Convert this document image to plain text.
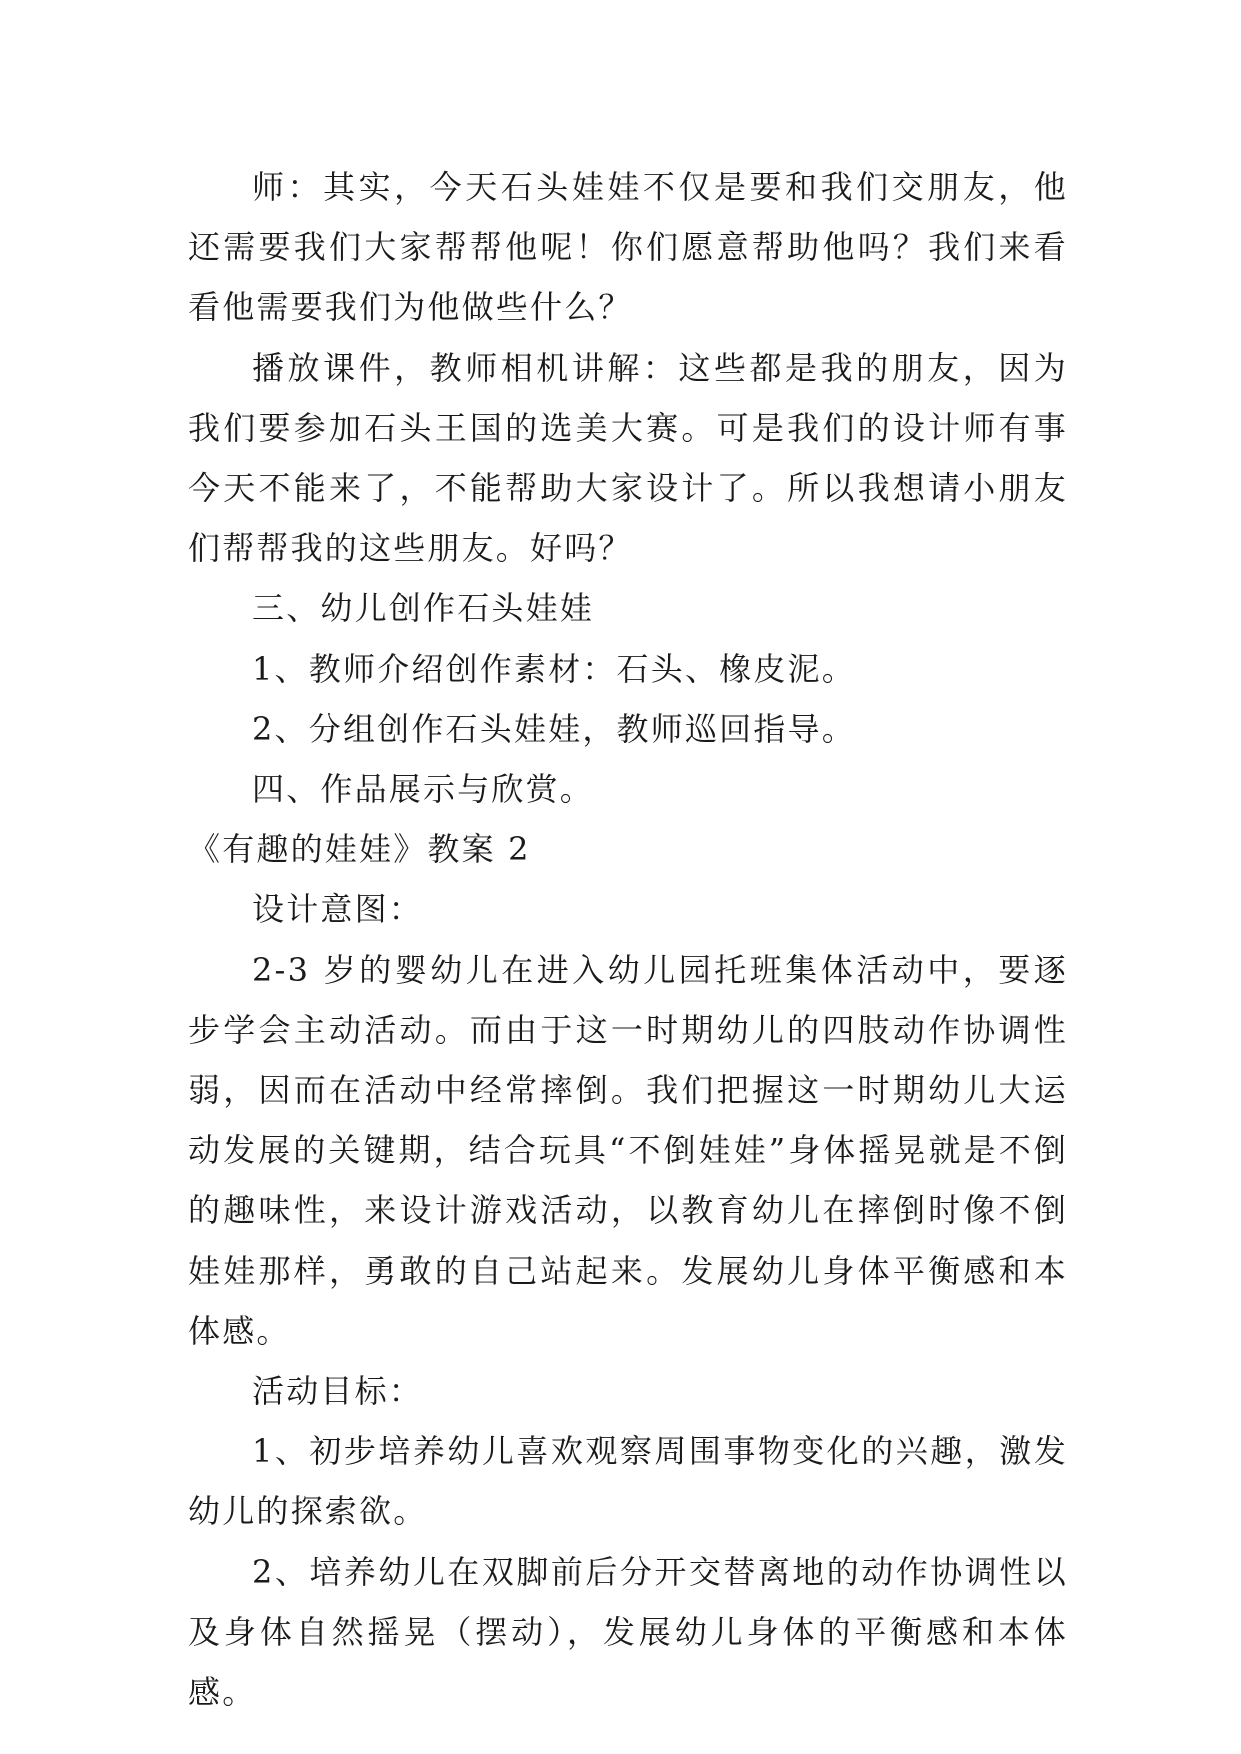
师：其实，今天石头娃娃不仅是要和我们交朋友，他还需要我们大家帮帮他呢！你们愿意帮助他吗？我们来看看他需要我们为他做些什么？

播放课件，教师相机讲解：这些都是我的朋友，因为我们要参加石头王国的选美大赛。可是我们的设计师有事今天不能来了，不能帮助大家设计了。所以我想请小朋友们帮帮我的这些朋友。好吗？

三、幼儿创作石头娃娃

1、教师介绍创作素材：石头、橡皮泥。

2、分组创作石头娃娃，教师巡回指导。

四、作品展示与欣赏。

《有趣的娃娃》教案 2

设计意图：

2-3 岁的婴幼儿在进入幼儿园托班集体活动中，要逐步学会主动活动。而由于这一时期幼儿的四肢动作协调性弱，因而在活动中经常摔倒。我们把握这一时期幼儿大运动发展的关键期，结合玩具“不倒娃娃”身体摇晃就是不倒的趣味性，来设计游戏活动，以教育幼儿在摔倒时像不倒娃娃那样，勇敢的自己站起来。发展幼儿身体平衡感和本体感。

活动目标：

1、初步培养幼儿喜欢观察周围事物变化的兴趣，激发幼儿的探索欲。

2、培养幼儿在双脚前后分开交替离地的动作协调性以及身体自然摇晃（摆动），发展幼儿身体的平衡感和本体感。
